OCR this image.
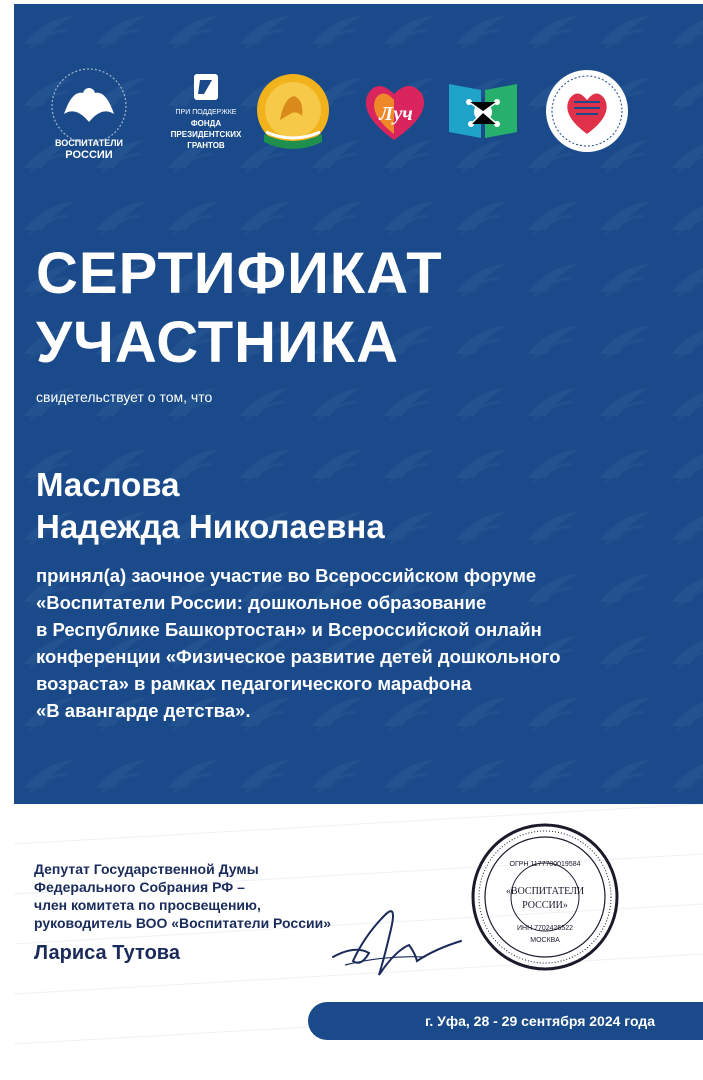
ВОСПИТАТЕЛИ
РОССИИ
ПРИ ПОДДЕРЖКЕ
ФОНДА
ПРЕЗИДЕНТСКИХ
ГРАНТОВ
Луч
СЕРТИФИКАТ
УЧАСТНИКА

свидетельствует о том, что

Маслова
Надежда Николаевна

принял(а) заочное участие во Всероссийском форуме
«Воспитатели России: дошкольное образование
в Республике Башкортостан» и Всероссийской онлайн
конференции «Физическое развитие детей дошкольного
возраста» в рамках педагогического марафона
«В авангарде детства».

Депутат Государственной Думы
Федерального Собрания РФ –
член комитета по просвещению,
руководитель ВОО «Воспитатели России»
Лариса Тутова
ОГРН 1177700019584
«ВОСПИТАТЕЛИ
РОССИИ»
ИНН 7702426522
МОСКВА
г. Уфа, 28 - 29 сентября 2024 года
